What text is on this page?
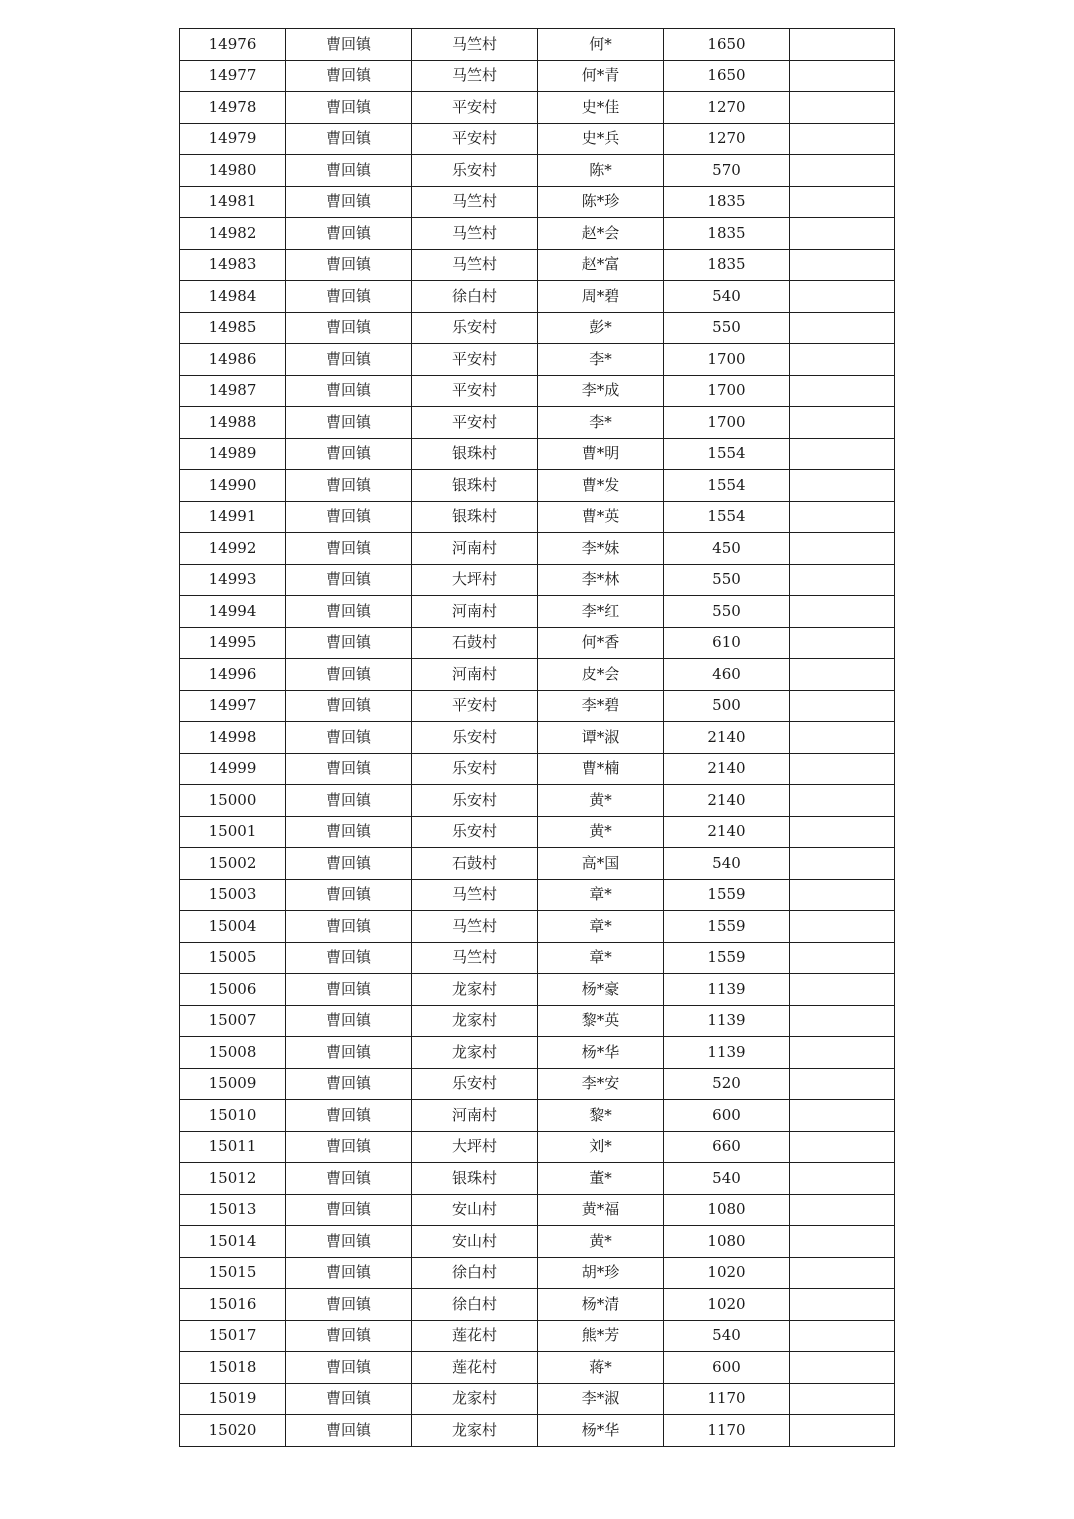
14976	曹回镇	马竺村	何*	1650	
14977	曹回镇	马竺村	何*青	1650	
14978	曹回镇	平安村	史*佳	1270	
14979	曹回镇	平安村	史*兵	1270	
14980	曹回镇	乐安村	陈*	570	
14981	曹回镇	马竺村	陈*珍	1835	
14982	曹回镇	马竺村	赵*会	1835	
14983	曹回镇	马竺村	赵*富	1835	
14984	曹回镇	徐白村	周*碧	540	
14985	曹回镇	乐安村	彭*	550	
14986	曹回镇	平安村	李*	1700	
14987	曹回镇	平安村	李*成	1700	
14988	曹回镇	平安村	李*	1700	
14989	曹回镇	银珠村	曹*明	1554	
14990	曹回镇	银珠村	曹*发	1554	
14991	曹回镇	银珠村	曹*英	1554	
14992	曹回镇	河南村	李*妹	450	
14993	曹回镇	大坪村	李*林	550	
14994	曹回镇	河南村	李*红	550	
14995	曹回镇	石鼓村	何*香	610	
14996	曹回镇	河南村	皮*会	460	
14997	曹回镇	平安村	李*碧	500	
14998	曹回镇	乐安村	谭*淑	2140	
14999	曹回镇	乐安村	曹*楠	2140	
15000	曹回镇	乐安村	黄*	2140	
15001	曹回镇	乐安村	黄*	2140	
15002	曹回镇	石鼓村	高*国	540	
15003	曹回镇	马竺村	章*	1559	
15004	曹回镇	马竺村	章*	1559	
15005	曹回镇	马竺村	章*	1559	
15006	曹回镇	龙家村	杨*豪	1139	
15007	曹回镇	龙家村	黎*英	1139	
15008	曹回镇	龙家村	杨*华	1139	
15009	曹回镇	乐安村	李*安	520	
15010	曹回镇	河南村	黎*	600	
15011	曹回镇	大坪村	刘*	660	
15012	曹回镇	银珠村	董*	540	
15013	曹回镇	安山村	黄*福	1080	
15014	曹回镇	安山村	黄*	1080	
15015	曹回镇	徐白村	胡*珍	1020	
15016	曹回镇	徐白村	杨*清	1020	
15017	曹回镇	莲花村	熊*芳	540	
15018	曹回镇	莲花村	蒋*	600	
15019	曹回镇	龙家村	李*淑	1170	
15020	曹回镇	龙家村	杨*华	1170	
